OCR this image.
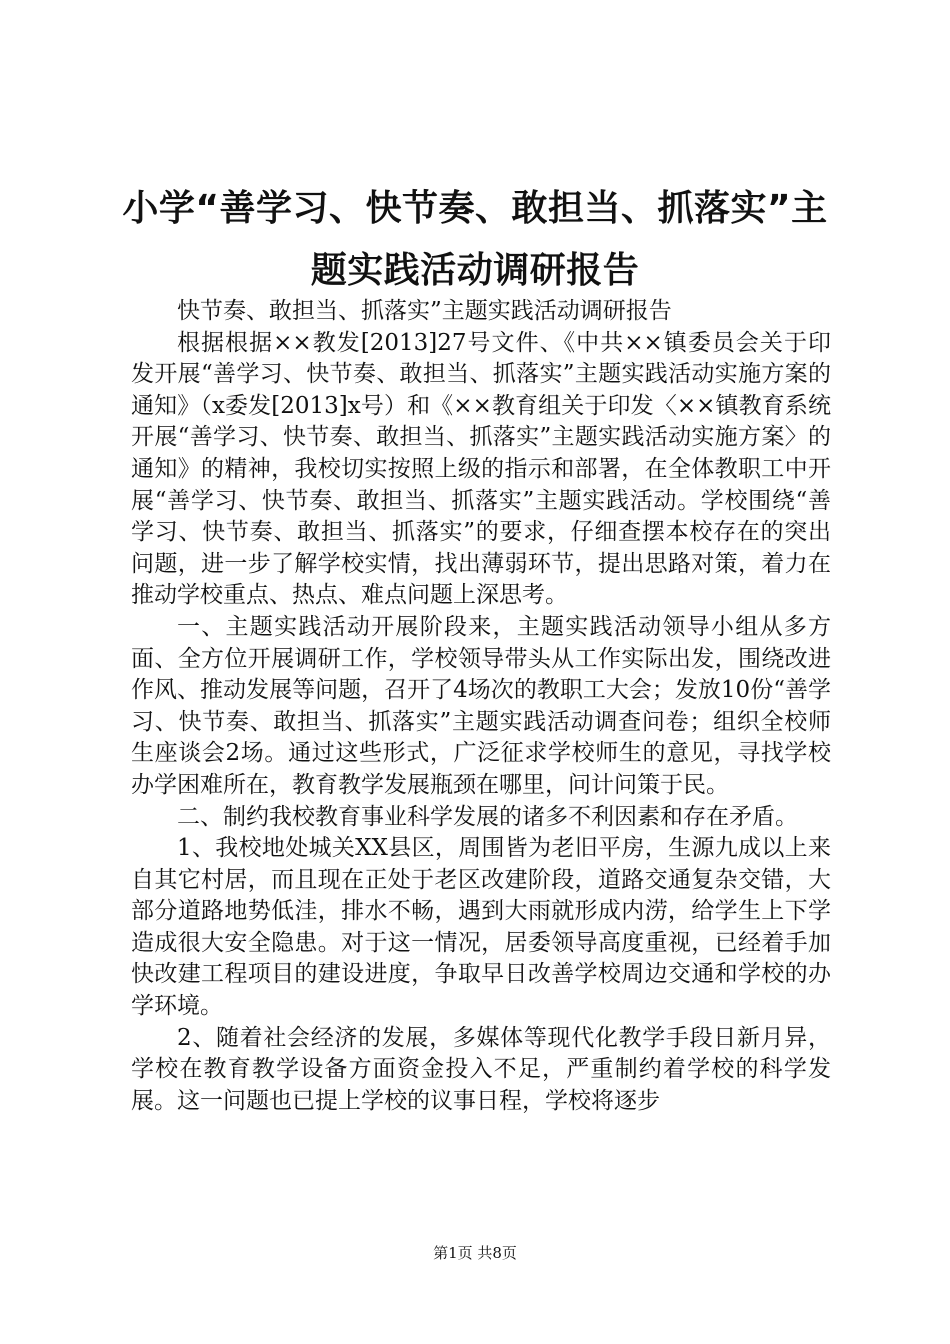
小学“善学习、快节奏、敢担当、抓落实”主题实践活动调研报告

快节奏、敢担当、抓落实”主题实践活动调研报告

根据根据××教发[2013]27号文件、《中共××镇委员会关于印发开展“善学习、快节奏、敢担当、抓落实”主题实践活动实施方案的通知》（x委发[2013]x号）和《××教育组关于印发〈××镇教育系统开展“善学习、快节奏、敢担当、抓落实”主题实践活动实施方案〉的通知》的精神，我校切实按照上级的指示和部署，在全体教职工中开展“善学习、快节奏、敢担当、抓落实”主题实践活动。学校围绕“善学习、快节奏、敢担当、抓落实”的要求，仔细查摆本校存在的突出问题，进一步了解学校实情，找出薄弱环节，提出思路对策，着力在推动学校重点、热点、难点问题上深思考。

一、主题实践活动开展阶段来，主题实践活动领导小组从多方面、全方位开展调研工作，学校领导带头从工作实际出发，围绕改进作风、推动发展等问题，召开了4场次的教职工大会；发放10份“善学习、快节奏、敢担当、抓落实”主题实践活动调查问卷；组织全校师生座谈会2场。通过这些形式，广泛征求学校师生的意见，寻找学校办学困难所在，教育教学发展瓶颈在哪里，问计问策于民。

二、制约我校教育事业科学发展的诸多不利因素和存在矛盾。

1、我校地处城关XX县区，周围皆为老旧平房，生源九成以上来自其它村居，而且现在正处于老区改建阶段，道路交通复杂交错，大部分道路地势低洼，排水不畅，遇到大雨就形成内涝，给学生上下学造成很大安全隐患。对于这一情况，居委领导高度重视，已经着手加快改建工程项目的建设进度，争取早日改善学校周边交通和学校的办学环境。

2、随着社会经济的发展，多媒体等现代化教学手段日新月异，学校在教育教学设备方面资金投入不足，严重制约着学校的科学发展。这一问题也已提上学校的议事日程，学校将逐步

第1页 共8页
